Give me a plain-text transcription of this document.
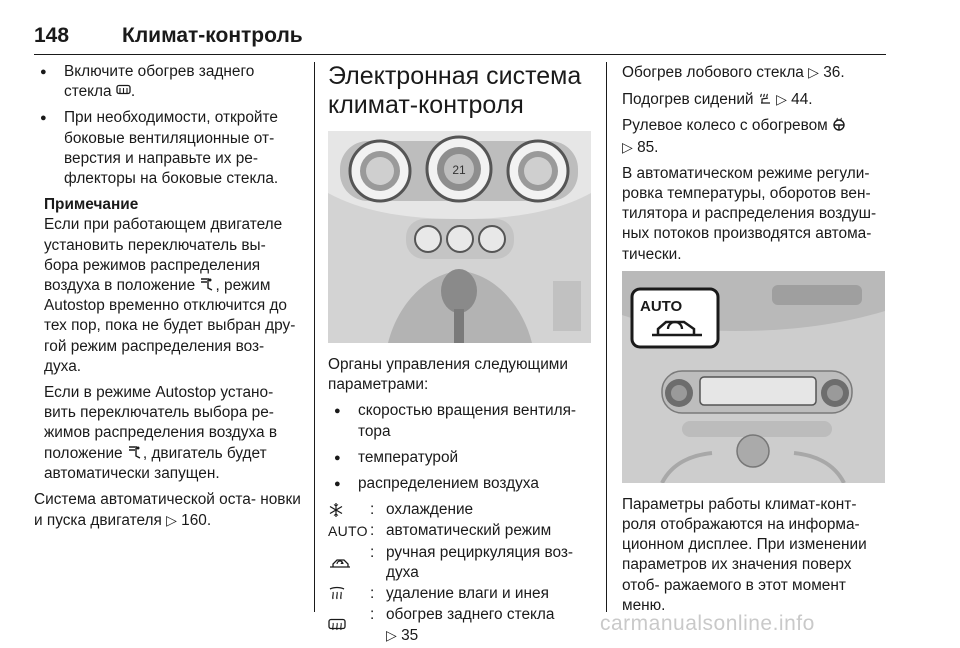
148	Климат-контроль
● Включите обогрев заднего стекла .
● При необходимости, откройте боковые вентиляционные от- верстия и направьте их ре- флекторы на боковые стекла.

Примечание

Если при работающем двигателе установить переключатель вы- бора режимов распределения воздуха в положение , режим Autostop временно отключится до тех пор, пока не будет выбран дру- гой режим распределения воз- духа.

Если в режиме Autostop устано- вить переключатель выбора ре- жимов распределения воздуха в положение , двигатель будет автоматически запущен.

Система автоматической оста- новки и пуска двигателя ▷ 160.

Электронная система климат-контроля
21

Органы управления следующими параметрами:

● скоростью вращения вентиля- тора
● температурой
● распределением воздуха
: охлаждение
AUTO : автоматический режим
: ручная рециркуляция воз- духа
: удаление влаги и инея
: обогрев заднего стекла
▷ 35

Обогрев лобового стекла ▷ 36.

Подогрев сидений ▷ 44.

Рулевое колесо с обогревом
▷ 85.

В автоматическом режиме регули- ровка температуры, оборотов вен- тилятора и распределения воздуш- ных потоков производятся автома- тически.

AUTO

Параметры работы климат-конт- роля отображаются на информа- ционном дисплее. При изменении параметров их значения поверх отоб- ражаемого в этот момент меню.

carmanualsonline.info
